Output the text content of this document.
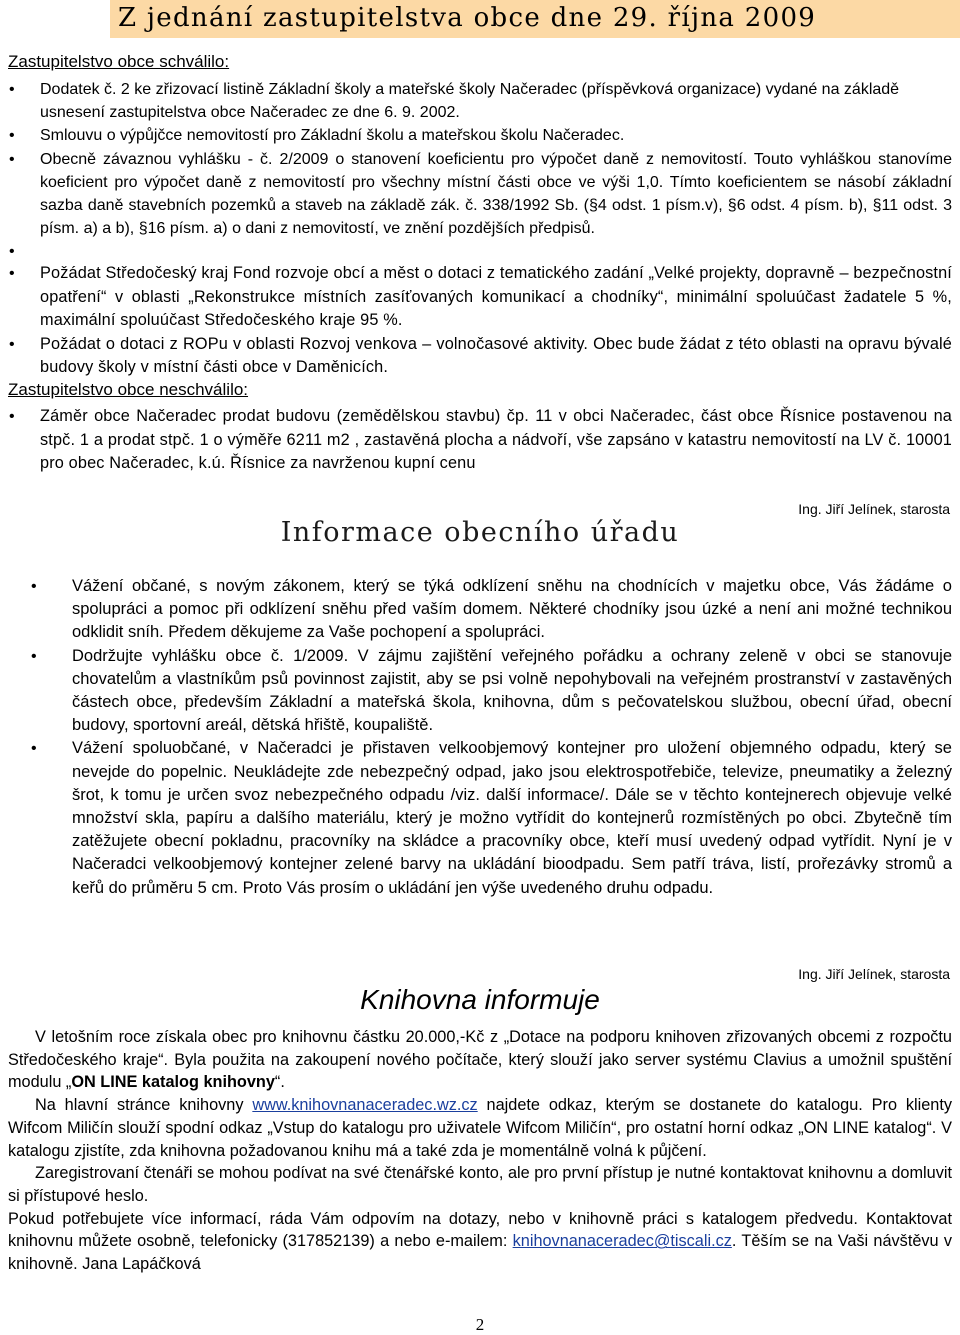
Z jednání zastupitelstva obce dne 29. října 2009
Zastupitelstvo obce schválilo:
• Dodatek č. 2 ke zřizovací listině Základní školy a mateřské školy Načeradec (příspěvková organizace) vydané na základě usnesení zastupitelstva obce Načeradec ze dne 6. 9. 2002.
• Smlouvu o výpůjčce nemovitostí pro Základní školu a mateřskou školu Načeradec.
• Obecně závaznou vyhlášku - č. 2/2009 o stanovení koeficientu pro výpočet daně z nemovitostí. Touto vyhláškou stanovíme koeficient pro výpočet daně z nemovitostí pro všechny místní části obce ve výši 1,0. Tímto koeficientem se násobí základní sazba daně stavebních pozemků a staveb na základě zák. č. 338/1992 Sb. (§4 odst. 1 písm.v), §6 odst. 4 písm. b), §11 odst. 3 písm. a) a b), §16 písm. a) o dani z nemovitostí, ve znění pozdějších předpisů.
• Požádat Středočeský kraj Fond rozvoje obcí a měst o dotaci z tematického zadání „Velké projekty, dopravně – bezpečnostní opatření“ v oblasti „Rekonstrukce místních zasíťovaných komunikací a chodníky“, minimální spoluúčast žadatele 5 %, maximální spoluúčast Středočeského kraje 95 %.
• Požádat o dotaci z ROPu v oblasti Rozvoj venkova – volnočasové aktivity. Obec bude žádat z této oblasti na opravu bývalé budovy školy v místní části obce v Daměnicích.
Zastupitelstvo obce neschválilo:
• Záměr obce Načeradec prodat budovu (zemědělskou stavbu) čp. 11 v obci Načeradec, část obce Řísnice postavenou na stpč. 1 a prodat stpč. 1 o výměře 6211 m2 , zastavěná plocha a nádvoří, vše zapsáno v katastru nemovitostí na LV č. 10001 pro obec Načeradec, k.ú. Řísnice za navrženou kupní cenu
Ing. Jiří Jelínek, starosta
Informace obecního úřadu
• Vážení občané, s novým zákonem, který se týká odklízení sněhu na chodnících v majetku obce, Vás žádáme o spolupráci a pomoc při odklízení sněhu před vaším domem. Některé chodníky jsou úzké a není ani možné technikou odklidit sníh. Předem děkujeme za Vaše pochopení a spolupráci.
• Dodržujte vyhlášku obce č. 1/2009. V zájmu zajištění veřejného pořádku a ochrany zeleně v obci se stanovuje chovatelům a vlastníkům psů povinnost zajistit, aby se psi volně nepohybovali na veřejném prostranství v zastavěných částech obce, především Základní a mateřská škola, knihovna, dům s pečovatelskou službou, obecní úřad, obecní budovy, sportovní areál, dětská hřiště, koupaliště.
• Vážení spoluobčané, v Načeradci je přistaven velkoobjemový kontejner pro uložení objemného odpadu, který se nevejde do popelnic. Neukládejte zde nebezpečný odpad, jako jsou elektrospotřebiče, televize, pneumatiky a železný šrot, k tomu je určen svoz nebezpečného odpadu /viz. další informace/. Dále se v těchto kontejnerech objevuje velké množství skla, papíru a dalšího materiálu, který je možno vytřídit do kontejnerů rozmístěných po obci. Zbytečně tím zatěžujete obecní pokladnu, pracovníky na skládce a pracovníky obce, kteří musí uvedený odpad vytřídit. Nyní je v Načeradci velkoobjemový kontejner zelené barvy na ukládání bioodpadu. Sem patří tráva, listí, prořezávky stromů a keřů do průměru 5 cm. Proto Vás prosím o ukládání jen výše uvedeného druhu odpadu.
Ing. Jiří Jelínek, starosta
Knihovna informuje

V letošním roce získala obec pro knihovnu částku 20.000,-Kč z „Dotace na podporu knihoven zřizovaných obcemi z rozpočtu Středočeského kraje“. Byla použita na zakoupení nového počítače, který slouží jako server systému Clavius a umožnil spuštění modulu „ON LINE katalog knihovny“.

Na hlavní stránce knihovny www.knihovnanaceradec.wz.cz najdete odkaz, kterým se dostanete do katalogu. Pro klienty Wifcom Miličín slouží spodní odkaz „Vstup do katalogu pro uživatele Wifcom Miličín“, pro ostatní horní odkaz „ON LINE katalog“. V katalogu zjistíte, zda knihovna požadovanou knihu má a také zda je momentálně volná k půjčení.

Zaregistrovaní čtenáři se mohou podívat na své čtenářské konto, ale pro první přístup je nutné kontaktovat knihovnu a domluvit si přístupové heslo.

Pokud potřebujete více informací, ráda Vám odpovím na dotazy, nebo v knihovně práci s katalogem předvedu. Kontaktovat knihovnu můžete osobně, telefonicky (317852139) a nebo e-mailem: knihovnanaceradec@tiscali.cz. Těším se na Vaši návštěvu v knihovně. Jana Lapáčková

2
